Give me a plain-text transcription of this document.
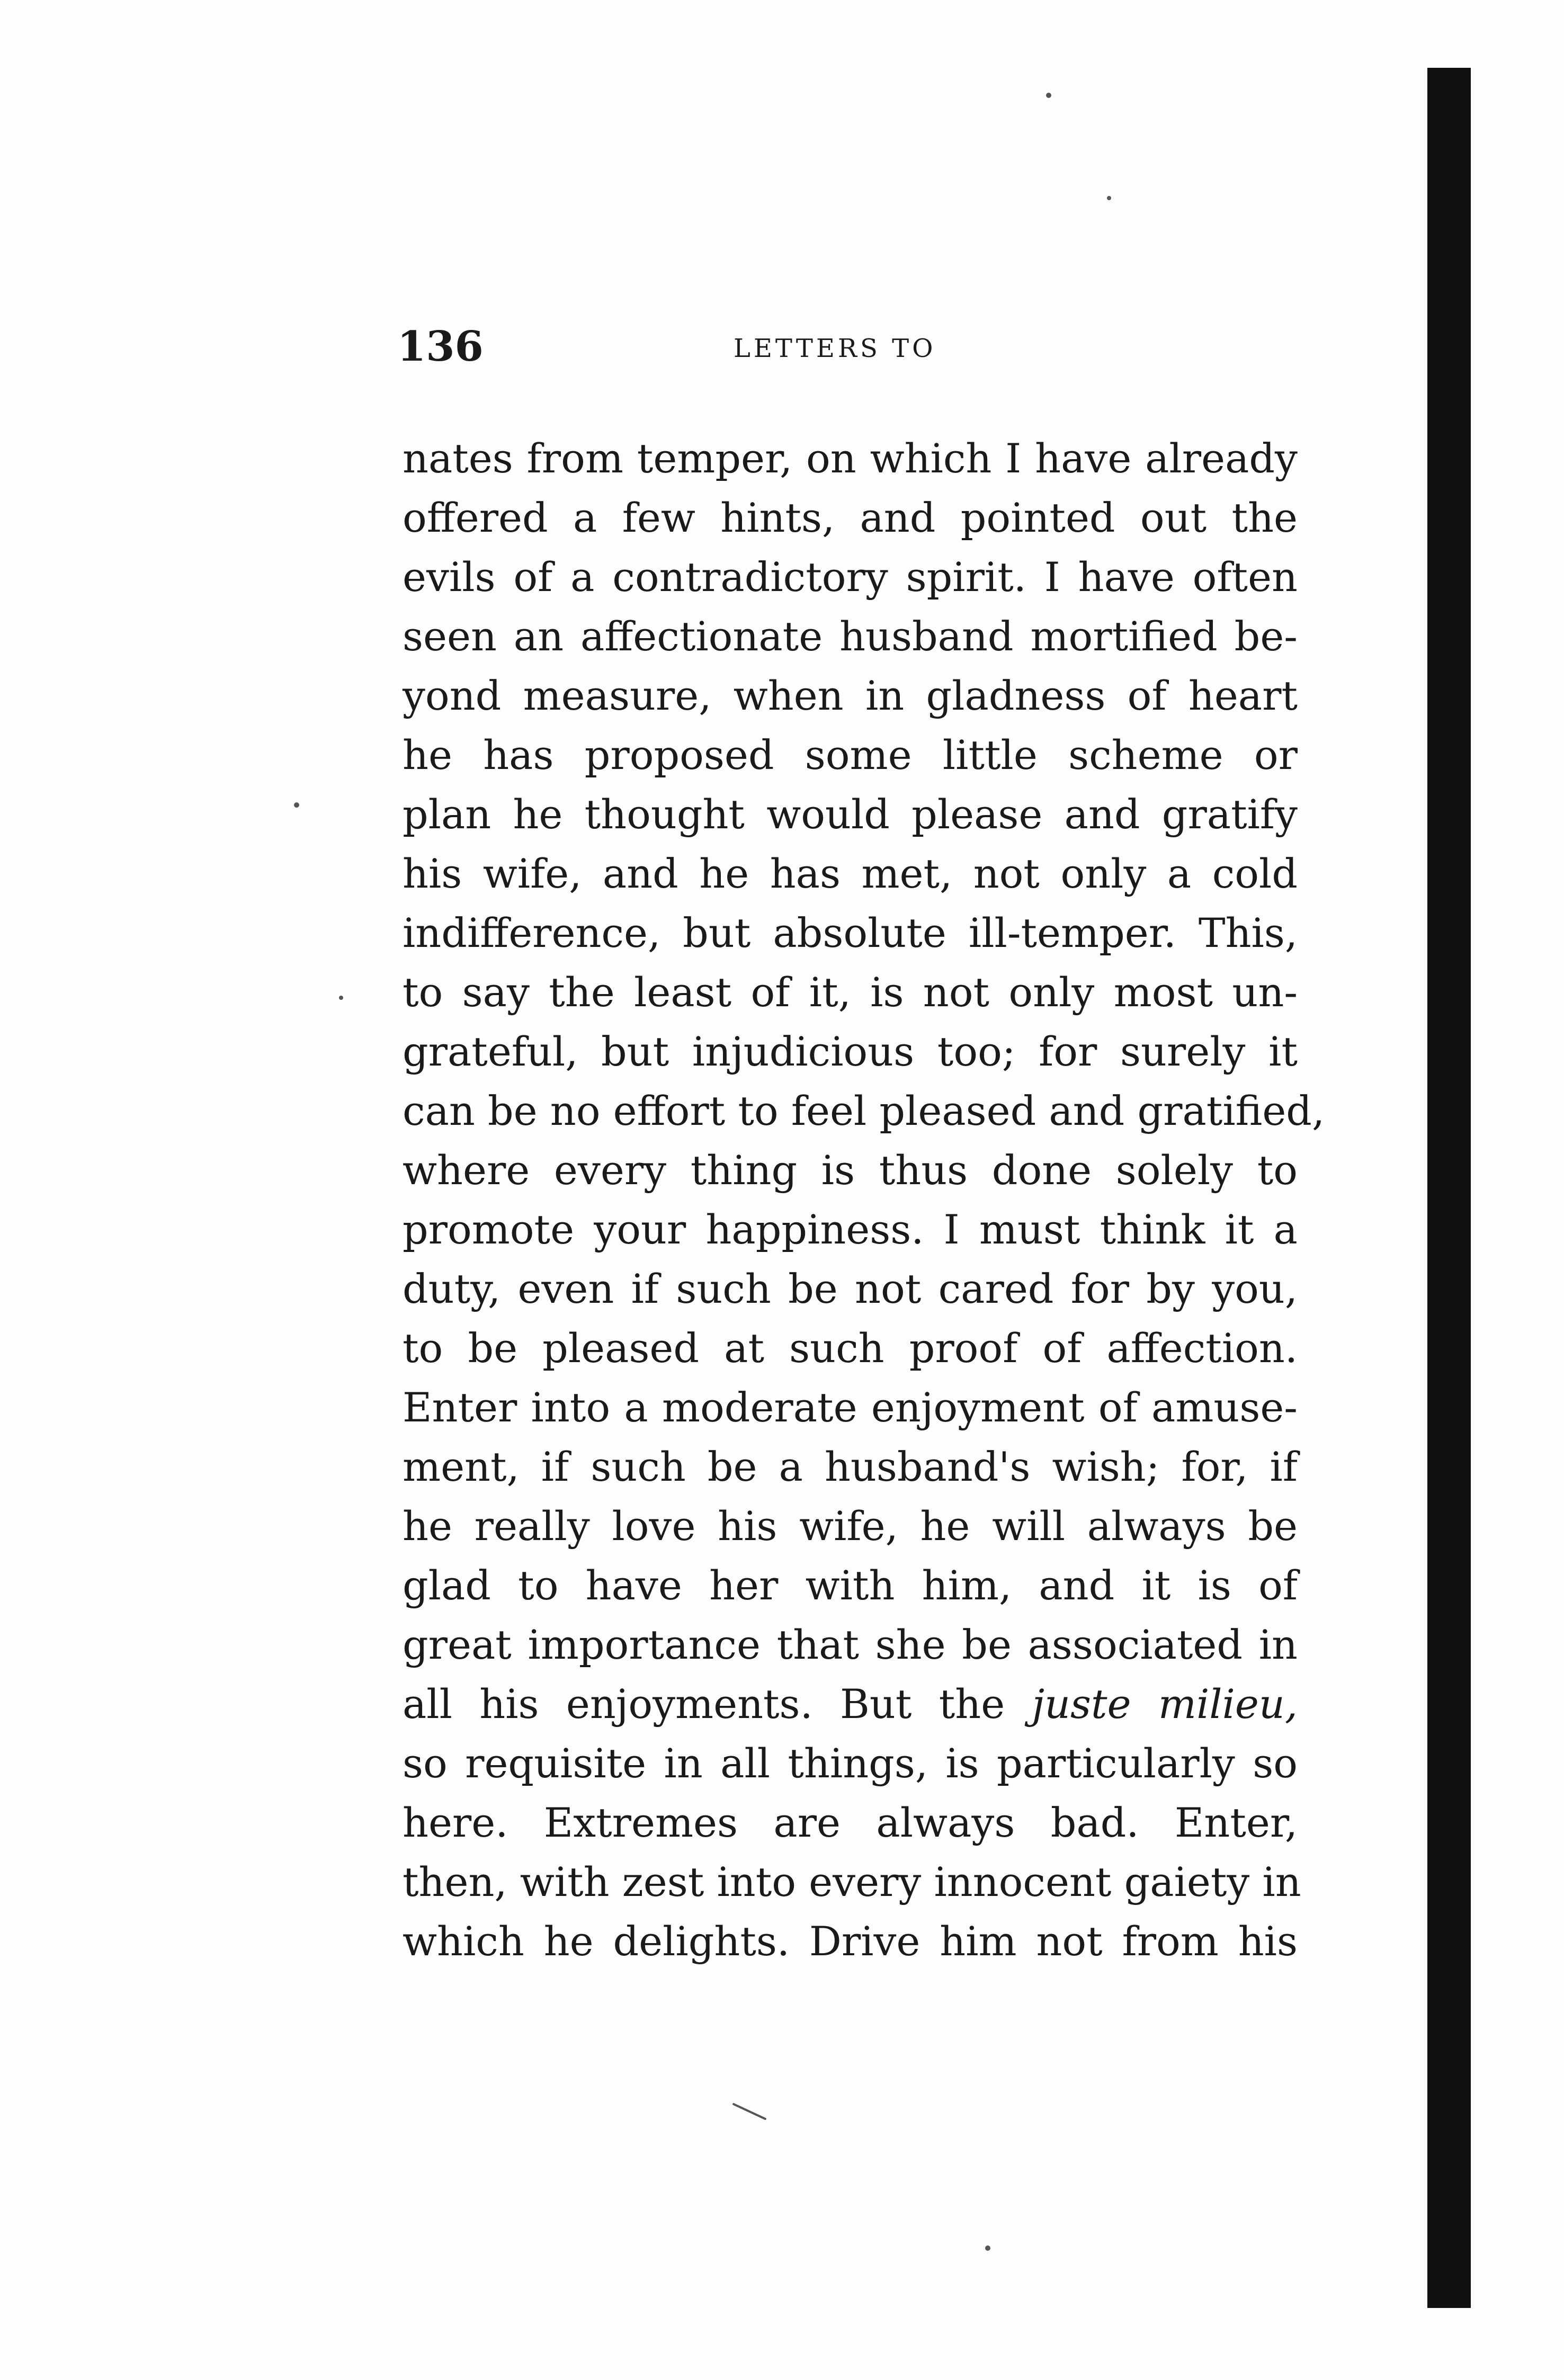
136	LETTERS TO
nates from temper, on which I have already
offered a few hints, and pointed out the
evils of a contradictory spirit. I have often
seen an affectionate husband mortified be-
yond measure, when in gladness of heart
he has proposed some little scheme or
plan he thought would please and gratify
his wife, and he has met, not only a cold
indifference, but absolute ill-temper. This,
to say the least of it, is not only most un-
grateful, but injudicious too; for surely it
can be no effort to feel pleased and gratified,
where every thing is thus done solely to
promote your happiness. I must think it a
duty, even if such be not cared for by you,
to be pleased at such proof of affection.
Enter into a moderate enjoyment of amuse-
ment, if such be a husband's wish; for, if
he really love his wife, he will always be
glad to have her with him, and it is of
great importance that she be associated in
all his enjoyments. But the juste milieu,
so requisite in all things, is particularly so
here. Extremes are always bad. Enter,
then, with zest into every innocent gaiety in
which he delights. Drive him not from his
